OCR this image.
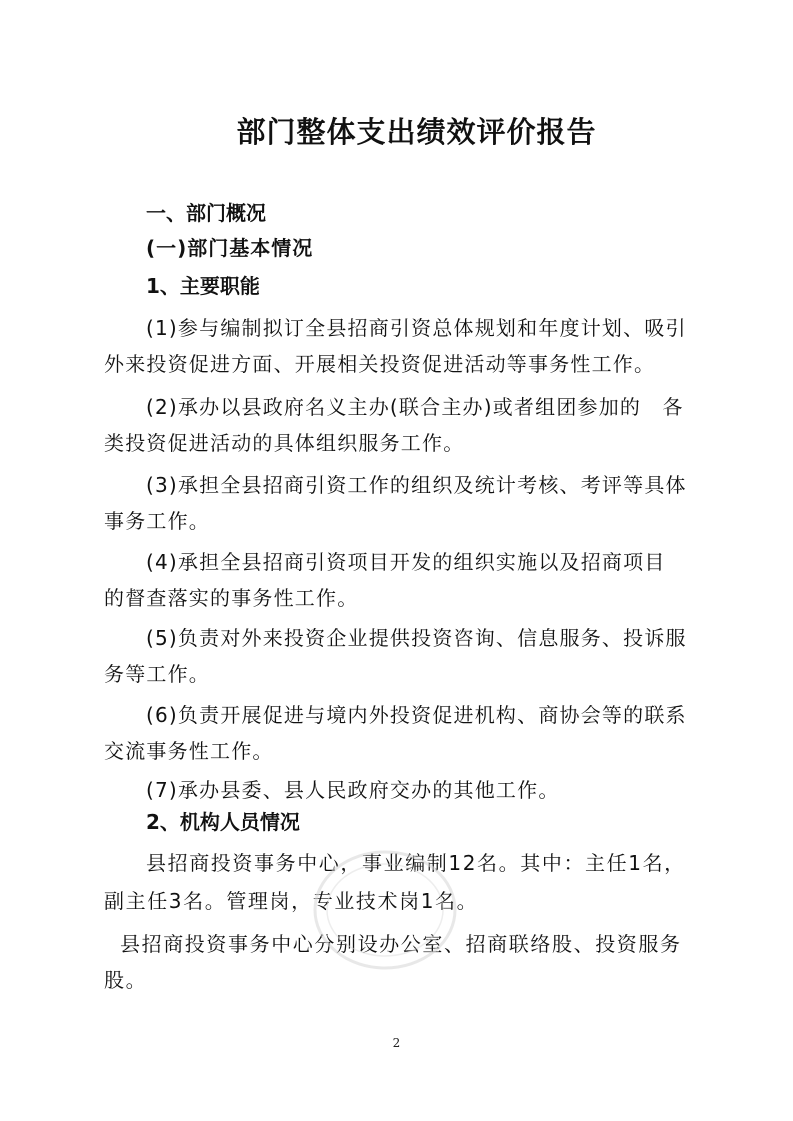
部门整体支出绩效评价报告
一、部门概况
(一)部门基本情况
1、主要职能
(1)参与编制拟订全县招商引资总体规划和年度计划、吸引外来投资促进方面、开展相关投资促进活动等事务性工作。
(2)承办以县政府名义主办(联合主办)或者组团参加的　各类投资促进活动的具体组织服务工作。
(3)承担全县招商引资工作的组织及统计考核、考评等具体事务工作。
(4)承担全县招商引资项目开发的组织实施以及招商项目　的督查落实的事务性工作。
(5)负责对外来投资企业提供投资咨询、信息服务、投诉服务等工作。
(6)负责开展促进与境内外投资促进机构、商协会等的联系交流事务性工作。
(7)承办县委、县人民政府交办的其他工作。
2、机构人员情况
县招商投资事务中心，事业编制12名。其中：主任1名，副主任3名。管理岗，专业技术岗1名。
县招商投资事务中心分别设办公室、招商联络股、投资服务股。
2
